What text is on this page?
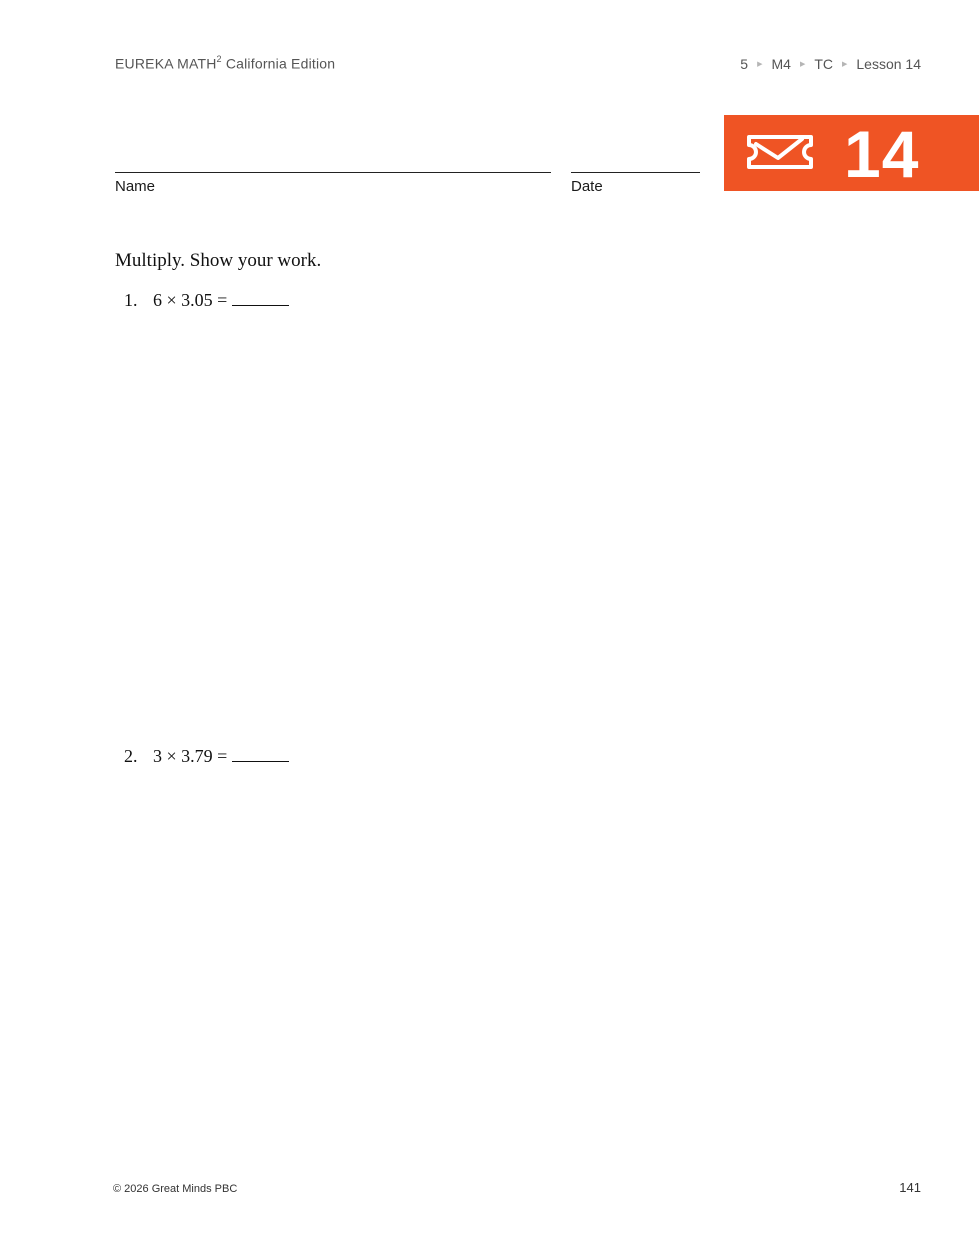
EUREKA MATH$^2$ California Edition	5 ▶ M4 ▶ TC ▶ Lesson 14
Name	Date	14
Multiply. Show your work.
1. 6 × 3.05 =
2. 3 × 3.79 =
© 2026 Great Minds PBC	141
